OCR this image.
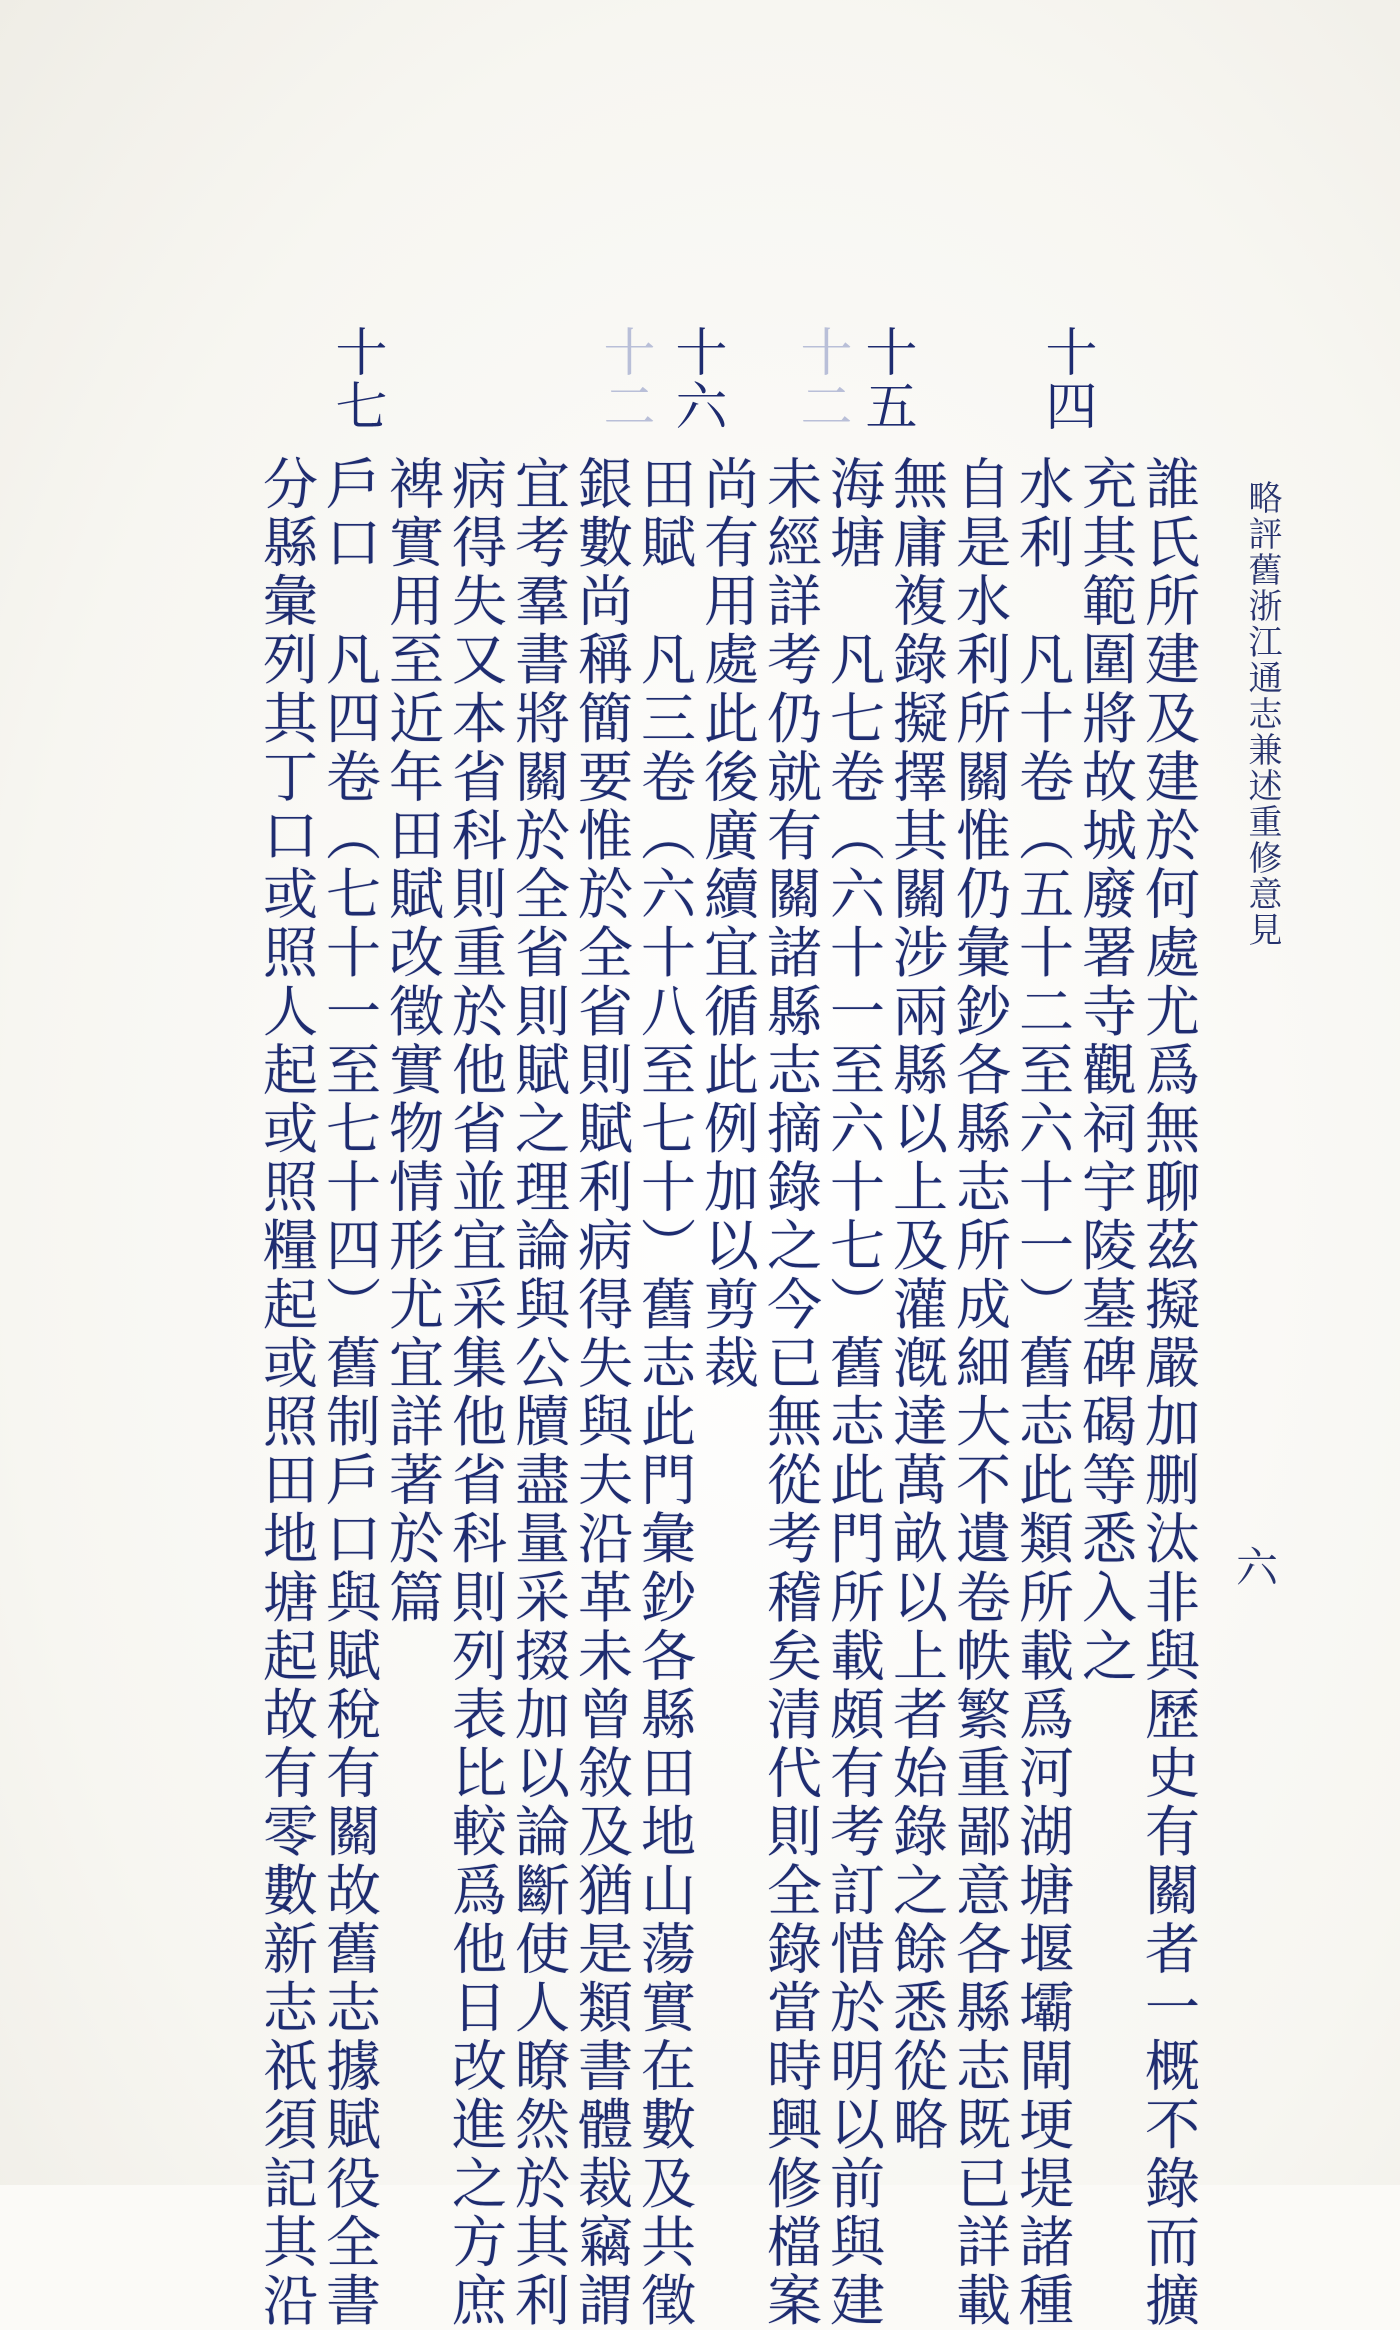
略評舊浙江通志兼述重修意見
六
十四
十五
十二
十六
十二
十七
誰氏所建及建於何處尤爲無聊茲擬嚴加删汰非與歷史有關者一概不錄而擴
充其範圍將故城廢署寺觀祠宇陵墓碑碣等悉入之
水利　凡十卷（五十二至六十一）舊志此類所載爲河湖塘堰壩閘埂堤諸種
自是水利所關惟仍彙鈔各縣志所成細大不遺卷帙繁重鄙意各縣志既已詳載
無庸複錄擬擇其關涉兩縣以上及灌漑達萬畝以上者始錄之餘悉從略
海塘　凡七卷（六十一至六十七）舊志此門所載頗有考訂惜於明以前與建
未經詳考仍就有關諸縣志摘錄之今已無從考稽矣清代則全錄當時興修檔案
尚有用處此後廣續宜循此例加以剪裁
田賦　凡三卷（六十八至七十）舊志此門彙鈔各縣田地山蕩實在數及共徵
銀數尚稱簡要惟於全省則賦利病得失與夫沿革未曾敘及猶是類書體裁竊謂
宜考羣書將關於全省則賦之理論與公牘盡量采掇加以論斷使人瞭然於其利
病得失又本省科則重於他省並宜采集他省科則列表比較爲他日改進之方庶
裨實用至近年田賦改徵實物情形尤宜詳著於篇
戶口　凡四卷（七十一至七十四）舊制戶口與賦稅有關故舊志據賦役全書
分縣彙列其丁口或照人起或照糧起或照田地塘起故有零數新志祇須記其沿
